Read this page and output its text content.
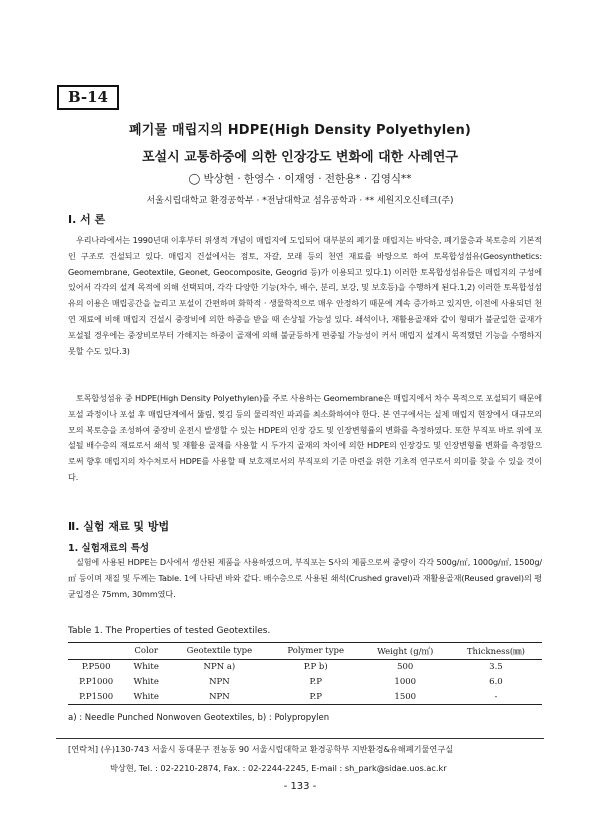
B-14
폐기물 매립지의 HDPE(High Density Polyethylen)
포설시 교통하중에 의한 인장강도 변화에 대한 사례연구
◯ 박상현 · 한영수 · 이재영 · 전한용* · 김영식**
서울시립대학교 환경공학부 · *전남대학교 섬유공학과 · ** 세원지오신테크(주)
Ⅰ. 서 론
우리나라에서는 1990년대 이후부터 위생적 개념이 매립지에 도입되어 대부분의 폐기물 매립지는 바닥층, 폐기물층과 복토층의 기본적인 구조로 건설되고 있다. 매립지 건설에서는 점토, 자갈, 모래 등의 천연 재료를 바탕으로 하여 토목합성섬유(Geosynthetics: Geomembrane, Geotextile, Geonet, Geocomposite, Geogrid 등)가 이용되고 있다.1) 이러한 토목합성섬유들은 매립지의 구성에 있어서 각각의 설계 목적에 의해 선택되며, 각각 다양한 기능(차수, 배수, 분리, 보강, 및 보호등)을 수행하게 된다.1,2) 이러한 토목합성섬유의 이용은 매립공간을 늘리고 포설이 간편하며 화학적 · 생물학적으로 매우 안정하기 때문에 계속 증가하고 있지만, 이전에 사용되던 천연 재료에 비해 매립지 건설시 중장비에 의한 하중을 받을 때 손상될 가능성 있다. 쇄석이나, 재활용골재와 같이 형태가 불균일한 골재가 포설될 경우에는 중장비로부터 가해지는 하중이 골재에 의해 불균등하게 편중될 가능성이 커서 매립지 설계시 목적했던 기능을 수행하지 못할 수도 있다.3)
토목합성섬유 중 HDPE(High Density Polyethylen)를 주로 사용하는 Geomembrane은 매립지에서 차수 목적으로 포설되기 때문에 포설 과정이나 포설 후 매립단계에서 뚫림, 찢김 등의 물리적인 파괴를 최소화하여야 한다. 본 연구에서는 실제 매립지 현장에서 대규모의 모의 복토층을 조성하여 중장비 운전시 발생할 수 있는 HDPE의 인장 강도 및 인장변형률의 변화를 측정하였다. 또한 부직포 바로 위에 포설될 배수층의 재료로서 쇄석 및 재활용 골재를 사용할 시 두가지 골재의 차이에 의한 HDPE의 인장강도 및 인장변형률 변화를 측정함으로써 향후 매립지의 차수처로서 HDPE를 사용할 때 보호재로서의 부직포의 기준 마련을 위한 기초적 연구로서 의미를 찾을 수 있을 것이다.
Ⅱ. 실험 재료 및 방법
1. 실험재료의 특성
실험에 사용된 HDPE는 D사에서 생산된 제품을 사용하였으며, 부직포는 S사의 제품으로써 중량이 각각 500g/㎡, 1000g/㎡, 1500g/㎡ 등이며 재질 및 두께는 Table. 1에 나타낸 바와 같다. 배수층으로 사용된 쇄석(Crushed gravel)과 재활용골재(Reused gravel)의 평균입경은 75mm, 30mm였다.
Table 1. The Properties of tested Geotextiles.
	Color	Geotextile type	Polymer type	Weight (g/㎡)	Thickness(㎜)
P.P500	White	NPN a)	P.P b)	500	3.5
P.P1000	White	NPN	P.P	1000	6.0
P.P1500	White	NPN	P.P	1500	-
a) : Needle Punched Nonwoven Geotextiles, b) : Polypropylen
[연락처] (우)130-743 서울시 동대문구 전농동 90 서울시립대학교 환경공학부 지반환경&유해폐기물연구실
박상현, Tel. : 02-2210-2874, Fax. : 02-2244-2245, E-mail : sh_park@sidae.uos.ac.kr
- 133 -
